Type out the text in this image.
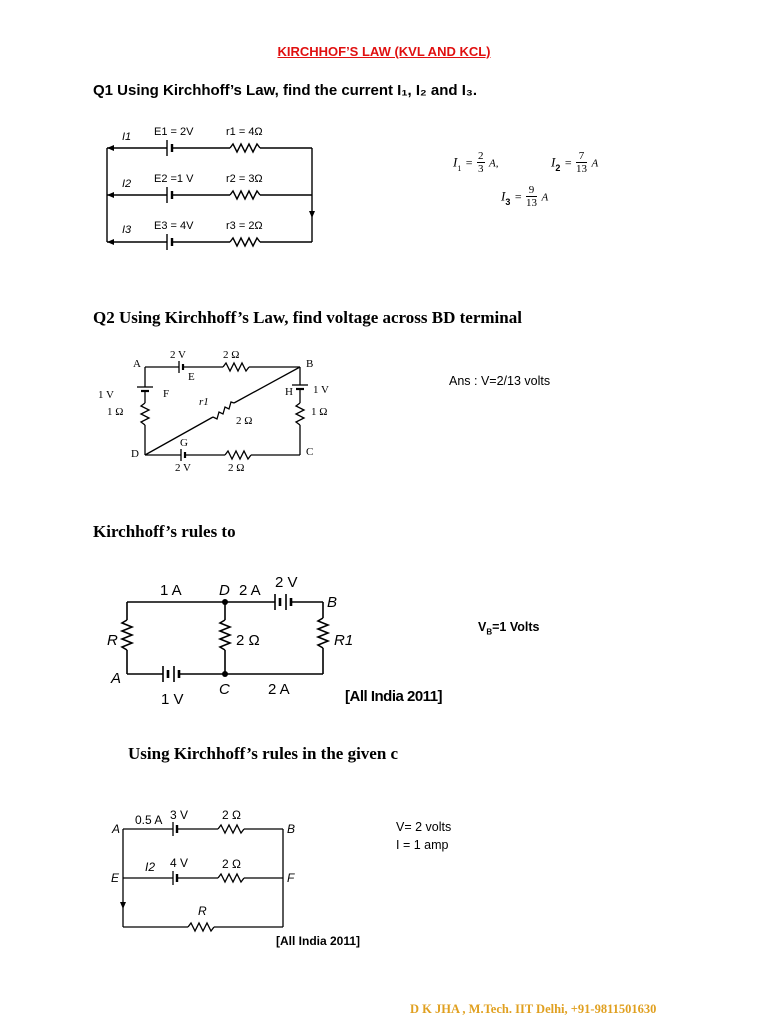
KIRCHHOF’S LAW (KVL AND KCL)
Q1 Using Kirchhoff’s Law, find the current I₁, I₂ and I₃.
I1
I2
I3
E1 = 2V
E2 =1 V
E3 = 4V
r1 = 4Ω
r2 = 3Ω
r3 = 2Ω
$I_1 = \frac{2}{3} A$,	$I_2 = \frac{7}{13}$ A
$I_3 = \frac{9}{13}$ A
Q2 Using Kirchhoff’s Law, find voltage across BD terminal
A	B
C
D
E
F
G
H
2 V	2 Ω
1 V
1 Ω
1 V
1 Ω
r1
2 Ω
2 V	2 Ω
Ans : V=2/13 volts
Kirchhoff’s rules to
1 A D 2 A 2 V
B
R	2 Ω	R1
A
1 V
C	2 A	[All India 2011]
$V_B=1$ Volts
Using Kirchhoff’s rules in the given c
0.5 A 3 V	2 Ω
A	B
I2 4 V	2 Ω
E	F
R
[All India 2011]
V= 2 volts
I = 1 amp
D K JHA , M.Tech. IIT Delhi, +91-9811501630
